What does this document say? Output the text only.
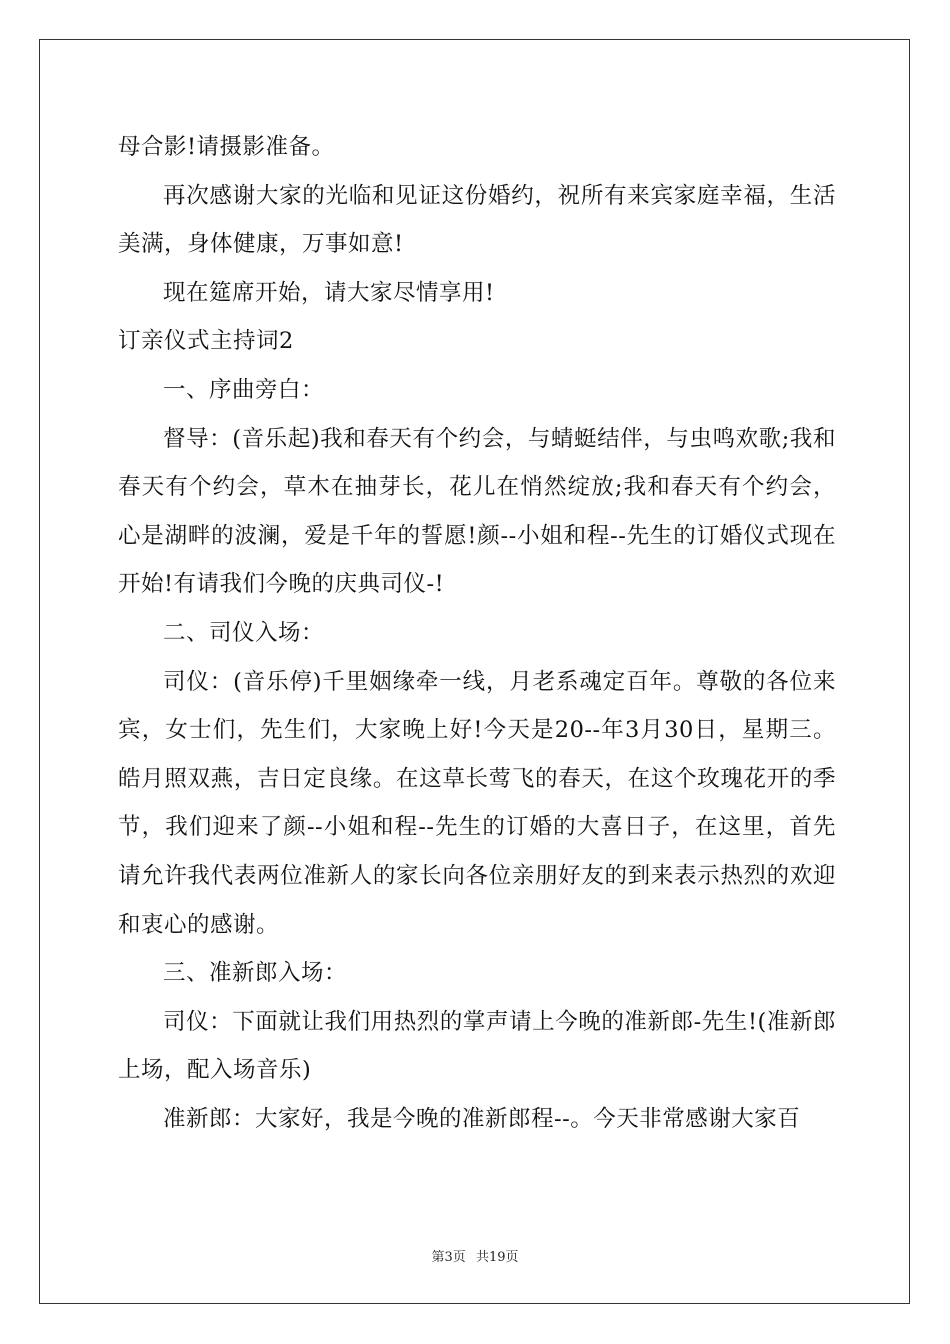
母合影!请摄影准备。

再次感谢大家的光临和见证这份婚约，祝所有来宾家庭幸福，生活美满，身体健康，万事如意!

现在筵席开始，请大家尽情享用!

订亲仪式主持词2

一、序曲旁白：

督导：(音乐起)我和春天有个约会，与蜻蜓结伴，与虫鸣欢歌;我和春天有个约会，草木在抽芽长，花儿在悄然绽放;我和春天有个约会，心是湖畔的波澜，爱是千年的誓愿!颜--小姐和程--先生的订婚仪式现在开始!有请我们今晚的庆典司仪-!

二、司仪入场：

司仪：(音乐停)千里姻缘牵一线，月老系魂定百年。尊敬的各位来宾，女士们，先生们，大家晚上好!今天是20--年3月30日，星期三。皓月照双燕，吉日定良缘。在这草长莺飞的春天，在这个玫瑰花开的季节，我们迎来了颜--小姐和程--先生的订婚的大喜日子，在这里，首先请允许我代表两位准新人的家长向各位亲朋好友的到来表示热烈的欢迎和衷心的感谢。

三、准新郎入场：

司仪：下面就让我们用热烈的掌声请上今晚的准新郎-先生!(准新郎上场，配入场音乐)

准新郎：大家好，我是今晚的准新郎程--。今天非常感谢大家百

第3页 共19页
